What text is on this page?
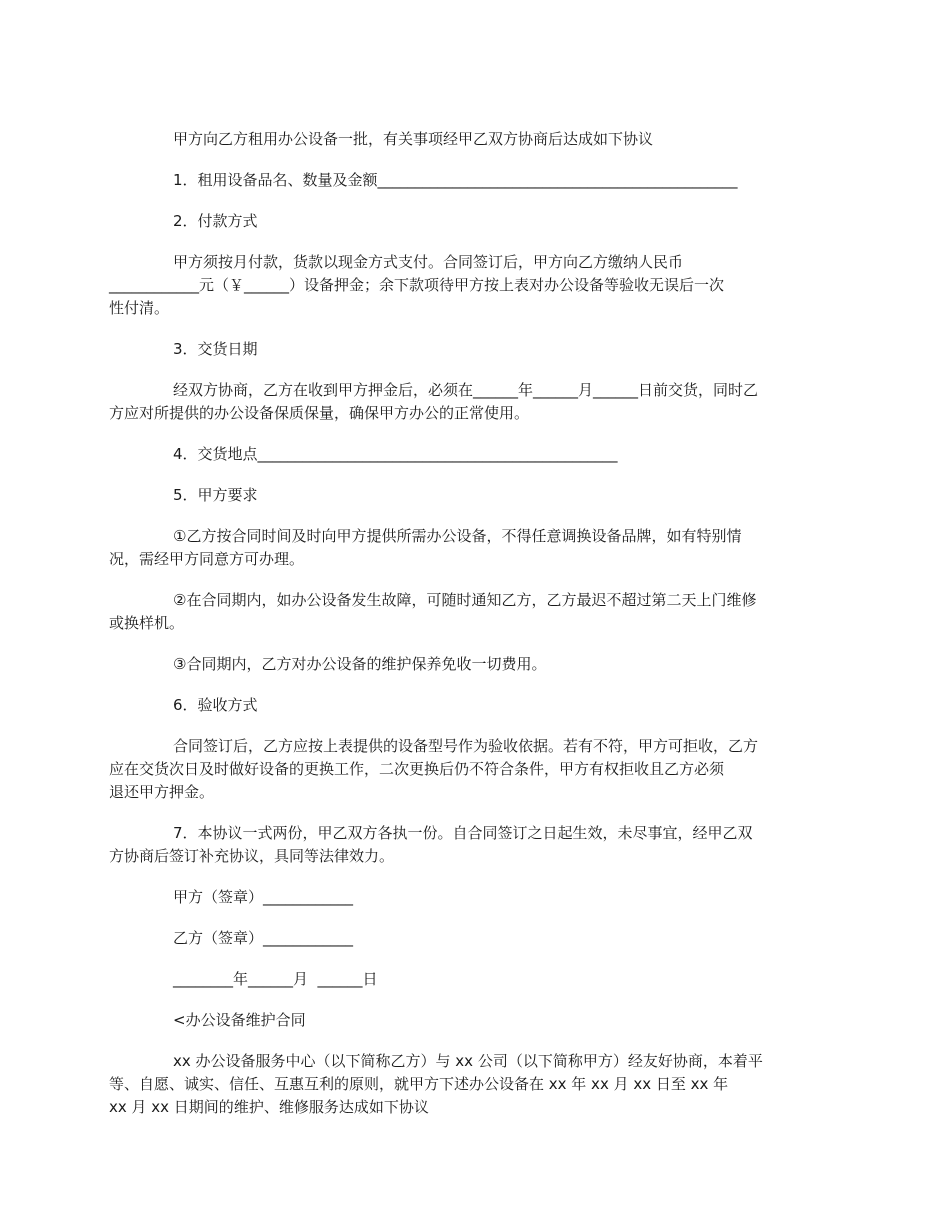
甲方向乙方租用办公设备一批，有关事项经甲乙双方协商后达成如下协议

1．租用设备品名、数量及金额________________________________________________

2．付款方式

甲方须按月付款，货款以现金方式支付。合同签订后，甲方向乙方缴纳人民币
____________元（￥______）设备押金；余下款项待甲方按上表对办公设备等验收无误后一次
性付清。

3．交货日期

经双方协商，乙方在收到甲方押金后，必须在______年______月______日前交货，同时乙
方应对所提供的办公设备保质保量，确保甲方办公的正常使用。

4．交货地点________________________________________________

5．甲方要求

①乙方按合同时间及时向甲方提供所需办公设备，不得任意调换设备品牌，如有特别情
况，需经甲方同意方可办理。

②在合同期内，如办公设备发生故障，可随时通知乙方，乙方最迟不超过第二天上门维修
或换样机。

③合同期内，乙方对办公设备的维护保养免收一切费用。

6．验收方式

合同签订后，乙方应按上表提供的设备型号作为验收依据。若有不符，甲方可拒收，乙方
应在交货次日及时做好设备的更换工作，二次更换后仍不符合条件，甲方有权拒收且乙方必须
退还甲方押金。

7．本协议一式两份，甲乙双方各执一份。自合同签订之日起生效，未尽事宜，经甲乙双
方协商后签订补充协议，具同等法律效力。

甲方（签章）____________

乙方（签章）____________

________年______月  ______日

<办公设备维护合同

xx 办公设备服务中心（以下简称乙方）与 xx 公司（以下简称甲方）经友好协商，本着平
等、自愿、诚实、信任、互惠互利的原则，就甲方下述办公设备在 xx 年 xx 月 xx 日至 xx 年
xx 月 xx 日期间的维护、维修服务达成如下协议
